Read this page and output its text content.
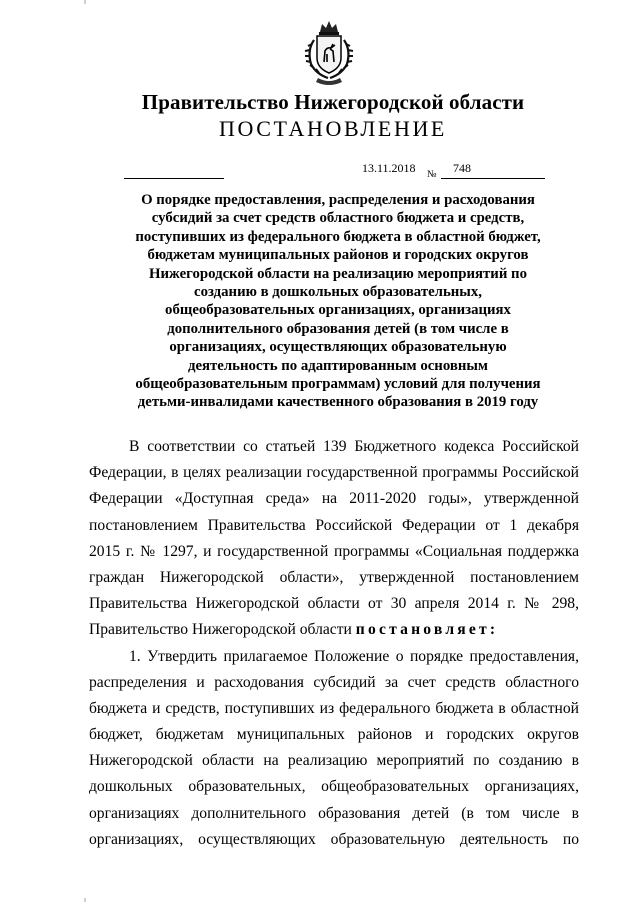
Правительство Нижегородской области
ПОСТАНОВЛЕНИЕ
13.11.2018 № 748
О порядке предоставления, распределения и расходования
субсидий за счет средств областного бюджета и средств,
поступивших из федерального бюджета в областной бюджет,
бюджетам муниципальных районов и городских округов
Нижегородской области на реализацию мероприятий по
созданию в дошкольных образовательных,
общеобразовательных организациях, организациях
дополнительного образования детей (в том числе в
организациях, осуществляющих образовательную
деятельность по адаптированным основным
общеобразовательным программам) условий для получения
детьми-инвалидами качественного образования в 2019 году
В соответствии со статьей 139 Бюджетного кодекса Российской
Федерации, в целях реализации государственной программы Российской
Федерации «Доступная среда» на 2011-2020 годы», утвержденной
постановлением Правительства Российской Федерации от 1 декабря
2015 г. № 1297, и государственной программы «Социальная поддержка
граждан Нижегородской области», утвержденной постановлением
Правительства Нижегородской области от 30 апреля 2014 г. № 298,
Правительство Нижегородской области постановляет:
1. Утвердить прилагаемое Положение о порядке предоставления,
распределения и расходования субсидий за счет средств областного
бюджета и средств, поступивших из федерального бюджета в областной
бюджет, бюджетам муниципальных районов и городских округов
Нижегородской области на реализацию мероприятий по созданию в
дошкольных образовательных, общеобразовательных организациях,
организациях дополнительного образования детей (в том числе в
организациях, осуществляющих образовательную деятельность по
